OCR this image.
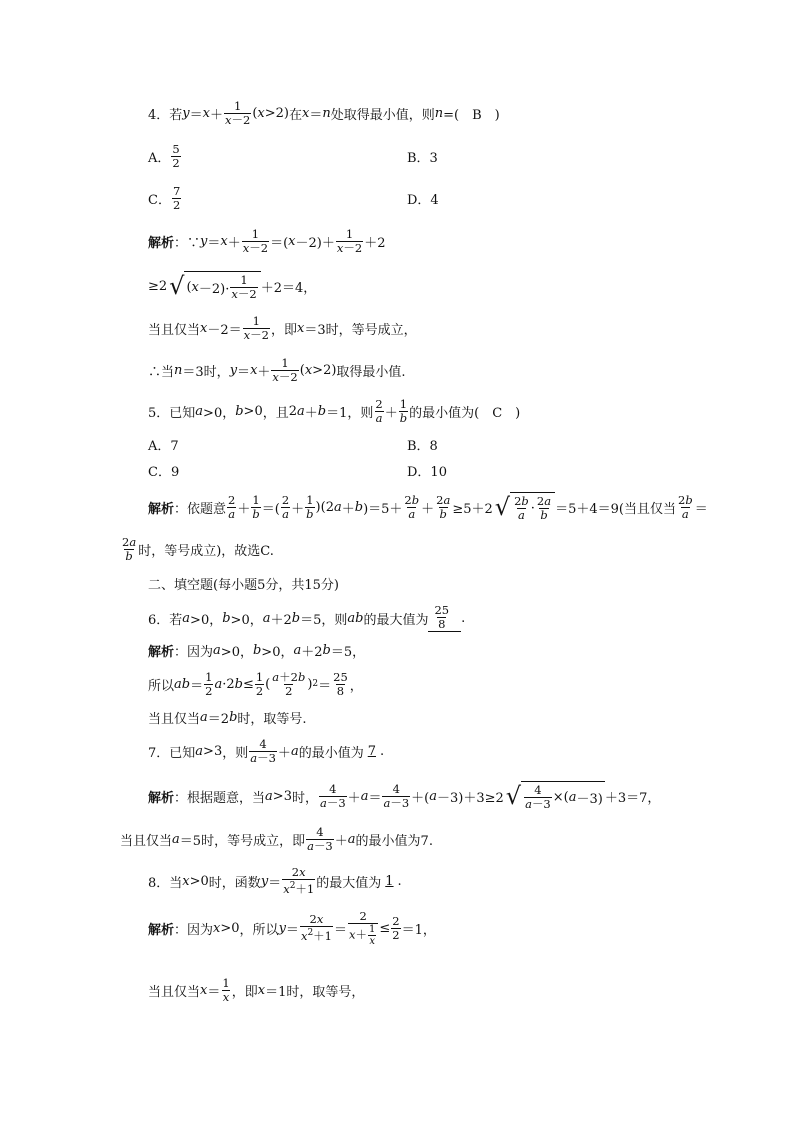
4．若 $y = x + \frac{1}{x-2}$ ( x >2) 在 x ＝ n 处取得最小值，则 n =(　B　)
A． $\frac{5}{2}$	B．3
C． $\frac{7}{2}$	D．4
解析 ：∵ $y = x + \frac{1}{x-2}$ ＝( $x -2)+ \frac{1}{x-2} +2$
≥2 √ ( $x -2)\cdot \frac{1}{x-2} +2=4$，
当且仅当 $x -2= \frac{1}{x-2}$ ，即 x ＝3 时，等号成立，
∴当 n ＝3 时， $y = x + \frac{1}{x-2}$ ( x >2) 取得最小值.
5．已知 a >0， b >0 ，且 2 a ＋ b ＝1 ，则 $\frac{2}{a} + \frac{1}{b}$ 的最小值为(　C　)
A．7	B．8
C．9	D．10
解析 ：依题意 $\frac{2}{a} + \frac{1}{b}$ ＝( $\frac{2}{a} + \frac{1}{b} )(2$ a ＋ b )$=5+ \frac{2b}{a} + \frac{2a}{b} \ge 5+2$ √ $\frac{2b}{a} \cdot \frac{2a}{b} =5+4=9$ (当且仅当 $\frac{2b}{a}$ ＝
$\frac{2a}{b}$ 时，等号成立)，故选C.
二、填空题(每小题5分，共15分)
6．若 a >0， b >0， a ＋2 b ＝5 ，则 ab 的最大值为 $\frac{25}{8}$ .
解析 ：因为 a >0， b >0， a ＋2 b ＝5，
所以 ab ＝ $\frac{1}{2}$ a ·2 $b \le \frac{1}{2}$ ( $\frac{a+2b}{2}$ ) $2 = \frac{25}{8}$ ，
当且仅当 a ＝2 b 时，取等号.
7．已知 a >3 ，则 $\frac{4}{a-3} + a$ 的最小值为 7 .
解析 ：根据题意，当 a >3 时， $\frac{4}{a-3} + a = \frac{4}{a-3}$ ＋( a －3)＋3≥2 √ $\frac{4}{a-3}$ ×( a －3) ＋3＝7，
当且仅当 a ＝5 时，等号成立，即 $\frac{4}{a-3} + a$ 的最小值为7.
8．当 x >0 时，函数 $y = \frac{2x}{x^2+1}$ 的最大值为 1 .
解析 ：因为 x >0 ，所以 $y = \frac{2x}{x^2+1} = \frac{2}{x+ \frac{1}{x}} \le \frac{2}{2} =1$，
当且仅当 $x = \frac{1}{x}$ ，即 x ＝1 时，取等号，
